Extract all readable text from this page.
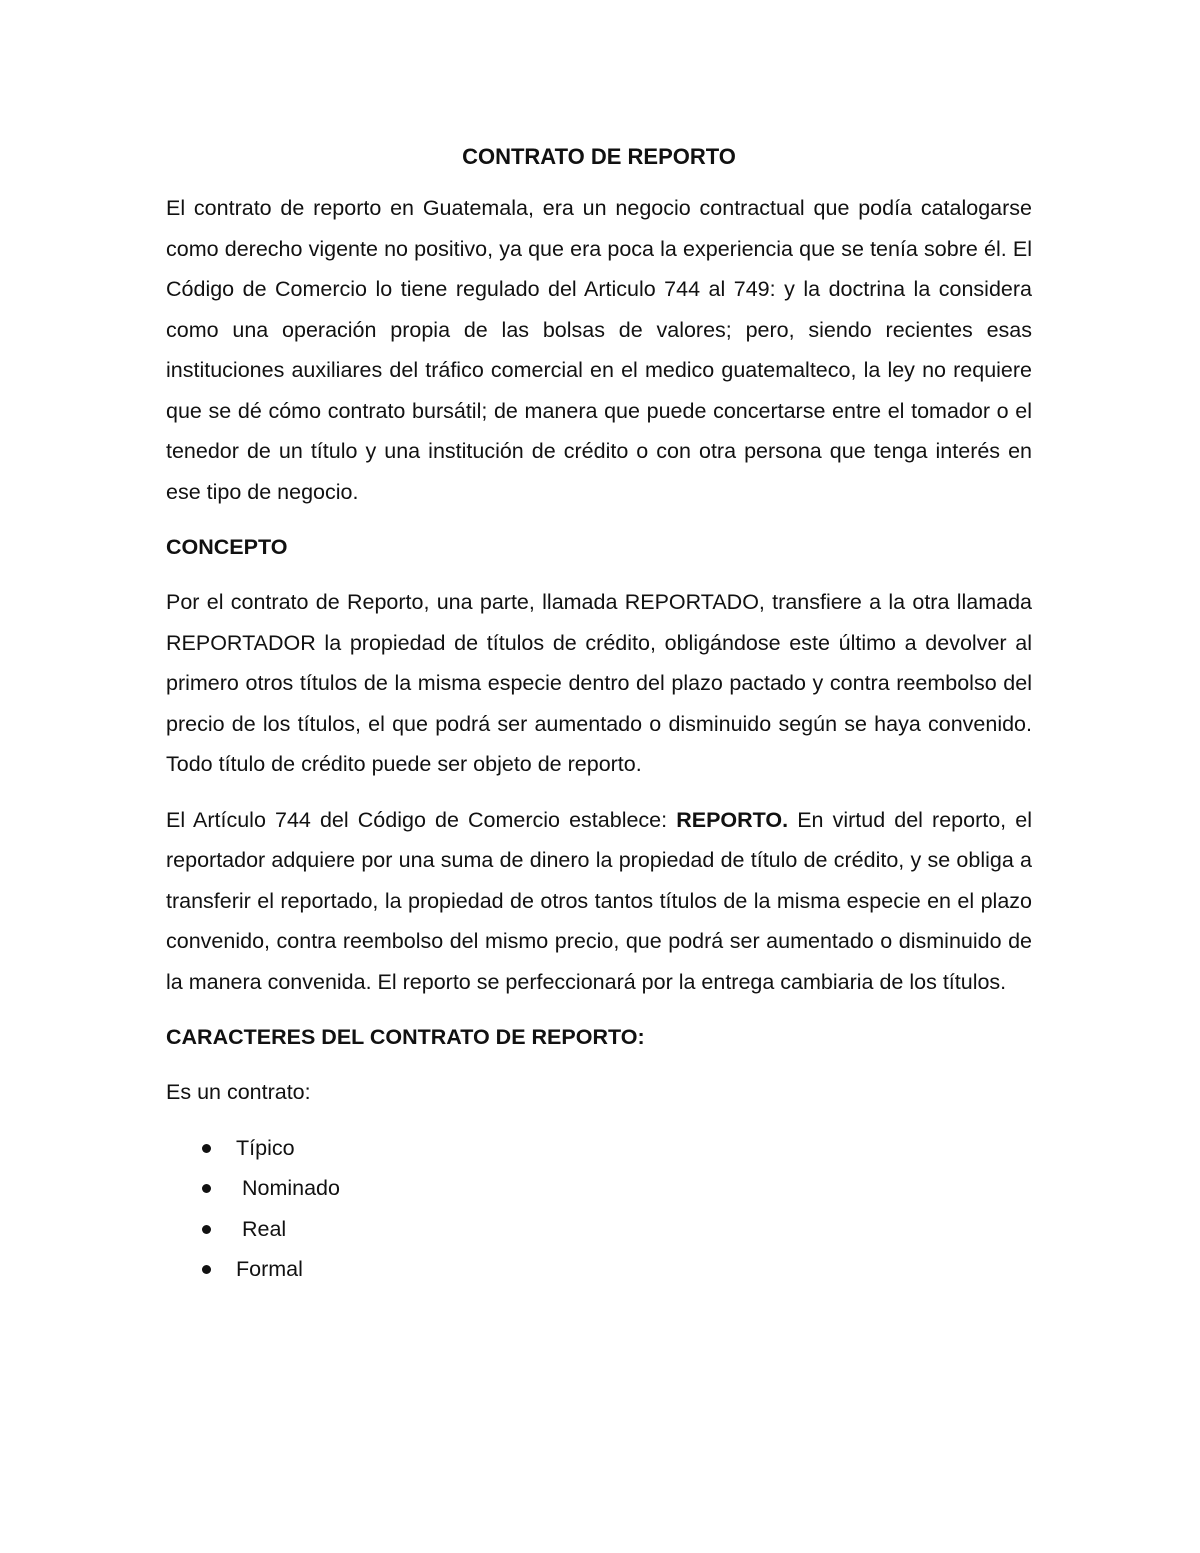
CONTRATO DE REPORTO

El contrato de reporto en Guatemala, era un negocio contractual que podía catalogarse como derecho vigente no positivo, ya que era poca la experiencia que se tenía sobre él. El Código de Comercio lo tiene regulado del Articulo 744 al 749: y la doctrina la considera como una operación propia de las bolsas de valores; pero, siendo recientes esas instituciones auxiliares del tráfico comercial en el medico guatemalteco, la ley no requiere que se dé cómo contrato bursátil; de manera que puede concertarse entre el tomador o el tenedor de un título y una institución de crédito o con otra persona que tenga interés en ese tipo de negocio.

CONCEPTO

Por el contrato de Reporto, una parte, llamada REPORTADO, transfiere a la otra llamada REPORTADOR la propiedad de títulos de crédito, obligándose este último a devolver al primero otros títulos de la misma especie dentro del plazo pactado y contra reembolso del precio de los títulos, el que podrá ser aumentado o disminuido según se haya convenido. Todo título de crédito puede ser objeto de reporto.

El Artículo 744 del Código de Comercio establece: REPORTO. En virtud del reporto, el reportador adquiere por una suma de dinero la propiedad de título de crédito, y se obliga a transferir el reportado, la propiedad de otros tantos títulos de la misma especie en el plazo convenido, contra reembolso del mismo precio, que podrá ser aumentado o disminuido de la manera convenida. El reporto se perfeccionará por la entrega cambiaria de los títulos.

CARACTERES DEL CONTRATO DE REPORTO:

Es un contrato:

Típico
Nominado
Real
Formal
